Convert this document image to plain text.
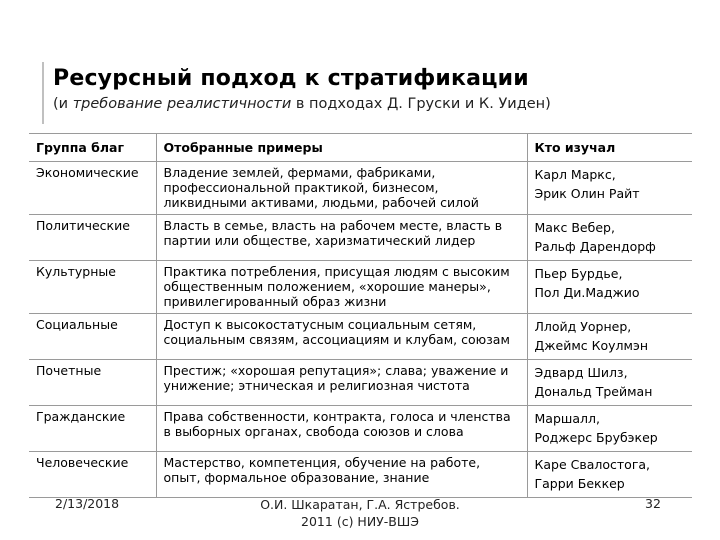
Ресурсный подход к стратификации
(и требование реалистичности в подходах Д. Груски и К. Уиден)
Группа благ	Отобранные примеры	Кто изучал
Экономические	Владение землей, фермами, фабриками, профессиональной практикой, бизнесом, ликвидными активами, людьми, рабочей силой	Карл Маркс,
Эрик Олин Райт

Политические	Власть в семье, власть на рабочем месте, власть в партии или обществе, харизматический лидер	Макс Вебер,
Ральф Дарендорф

Культурные	Практика потребления, присущая людям с высоким общественным положением, «хорошие манеры», привилегированный образ жизни	Пьер Бурдье,
Пол Ди.Маджио

Социальные	Доступ к высокостатусным социальным сетям, социальным связям, ассоциациям и клубам, союзам	Ллойд Уорнер,
Джеймс Коулмэн

Почетные	Престиж; «хорошая репутация»; слава; уважение и унижение; этническая и религиозная чистота	Эдвард Шилз,
Дональд Трейман

Гражданские	Права собственности, контракта, голоса и членства в выборных органах, свобода союзов и слова	Маршалл,
Роджерс Брубэкер

Человеческие	Мастерство, компетенция, обучение на работе, опыт, формальное образование, знание	Каре Свалостога,
Гарри Беккер
2/13/2018	О.И. Шкаратан, Г.А. Ястребов.
2011 (c) НИУ-ВШЭ
32
